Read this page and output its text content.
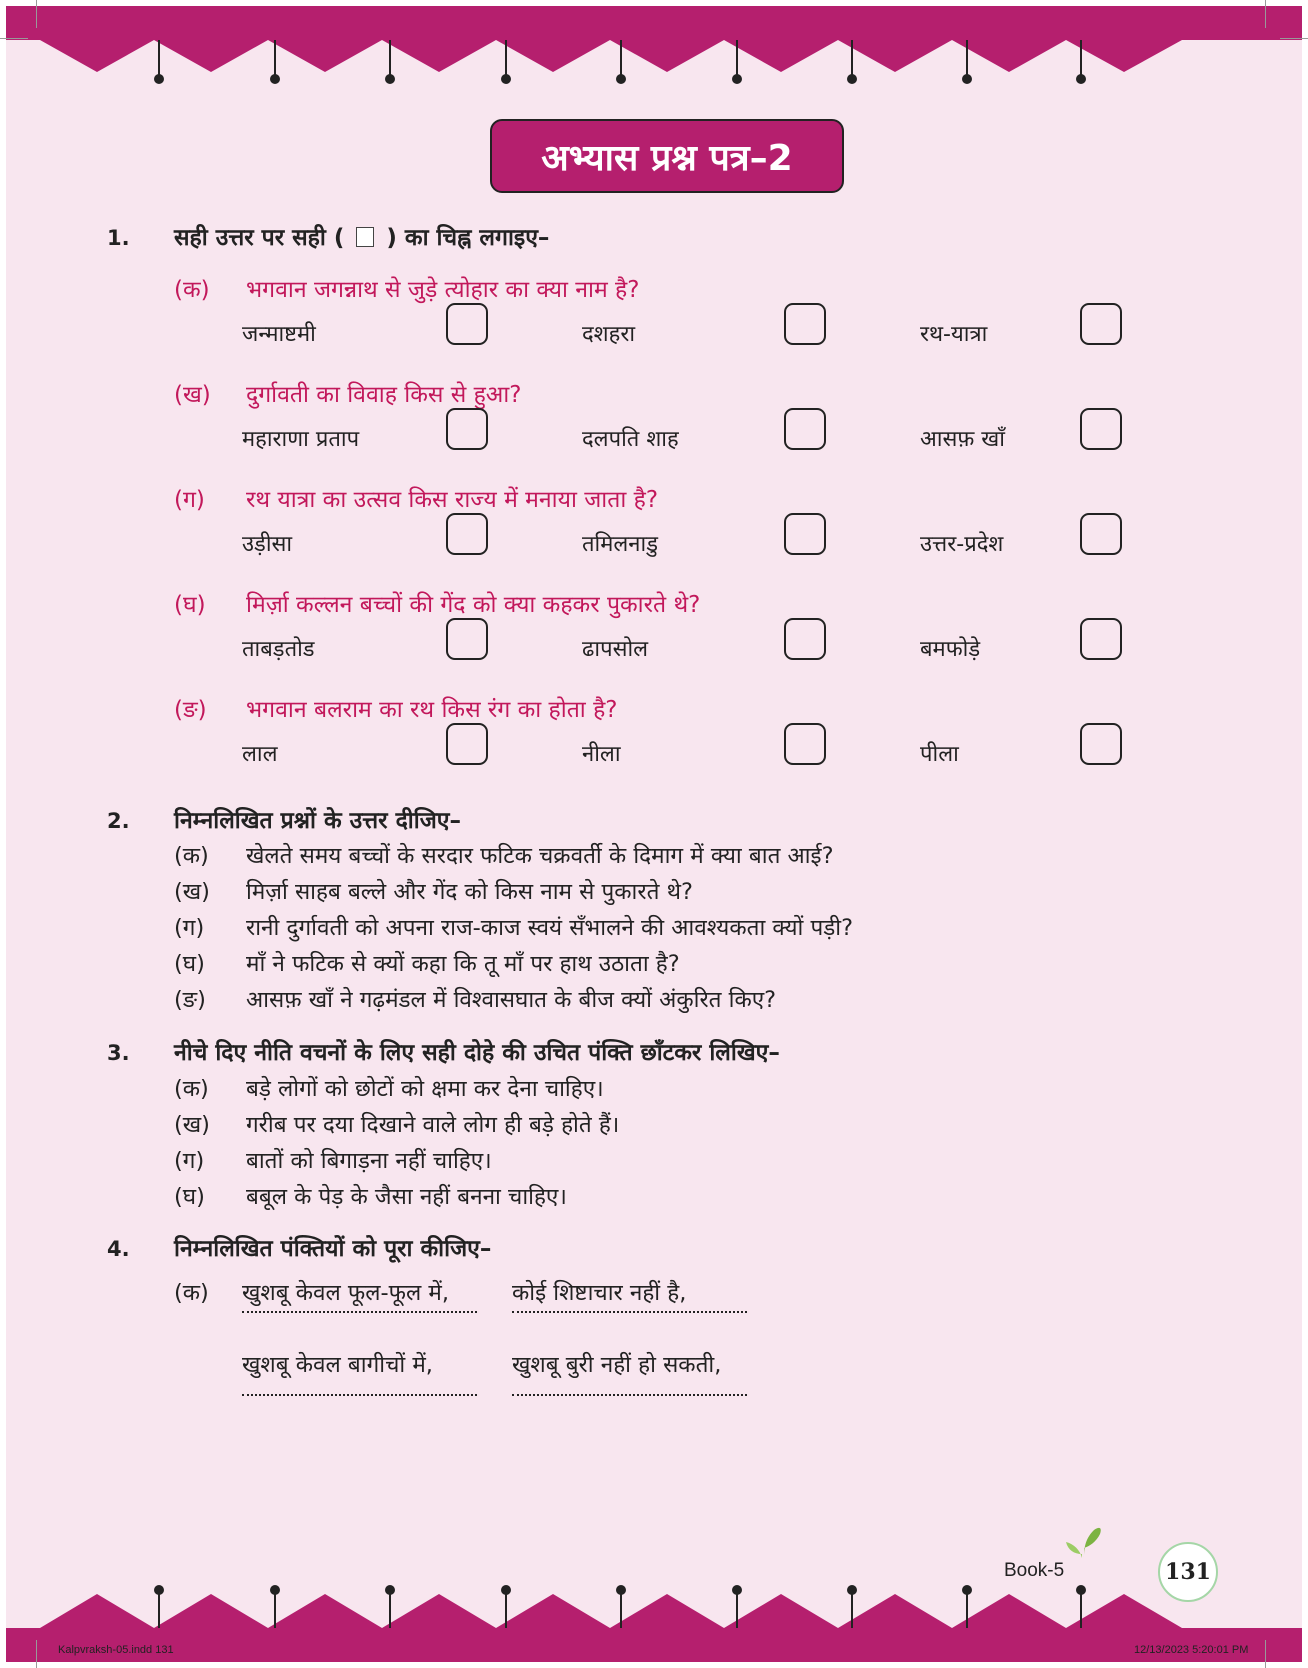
अभ्यास प्रश्न पत्र–2
1. सही उत्तर पर सही ( ) का चिह्न लगाइए–
(क) भगवान जगन्नाथ से जुड़े त्योहार का क्या नाम है?
जन्माष्टमी	दशहरा	रथ-यात्रा
(ख) दुर्गावती का विवाह किस से हुआ?
महाराणा प्रताप	दलपति शाह	आसफ़ खाँ
(ग) रथ यात्रा का उत्सव किस राज्य में मनाया जाता है?
उड़ीसा	तमिलनाडु	उत्तर-प्रदेश
(घ) मिर्ज़ा कल्लन बच्चों की गेंद को क्या कहकर पुकारते थे?
ताबड़तोड	ढापसोल	बमफोड़े
(ङ) भगवान बलराम का रथ किस रंग का होता है?
लाल	नीला	पीला
2. निम्नलिखित प्रश्नों के उत्तर दीजिए–
(क) खेलते समय बच्चों के सरदार फटिक चक्रवर्ती के दिमाग में क्या बात आई?
(ख) मिर्ज़ा साहब बल्ले और गेंद को किस नाम से पुकारते थे?
(ग) रानी दुर्गावती को अपना राज-काज स्वयं सँभालने की आवश्यकता क्यों पड़ी?
(घ) माँ ने फटिक से क्यों कहा कि तू माँ पर हाथ उठाता है?
(ङ) आसफ़ खाँ ने गढ़मंडल में विश्वासघात के बीज क्यों अंकुरित किए?
3. नीचे दिए नीति वचनों के लिए सही दोहे की उचित पंक्ति छाँटकर लिखिए–
(क) बड़े लोगों को छोटों को क्षमा कर देना चाहिए।
(ख) गरीब पर दया दिखाने वाले लोग ही बड़े होते हैं।
(ग) बातों को बिगाड़ना नहीं चाहिए।
(घ) बबूल के पेड़ के जैसा नहीं बनना चाहिए।
4. निम्नलिखित पंक्तियों को पूरा कीजिए–
(क) खुशबू केवल फूल-फूल में,	कोई शिष्टाचार नहीं है,
खुशबू केवल बागीचों में,	खुशबू बुरी नहीं हो सकती,
Book-5	131
Kalpvraksh-05.indd 131	12/13/2023 5:20:01 PM
